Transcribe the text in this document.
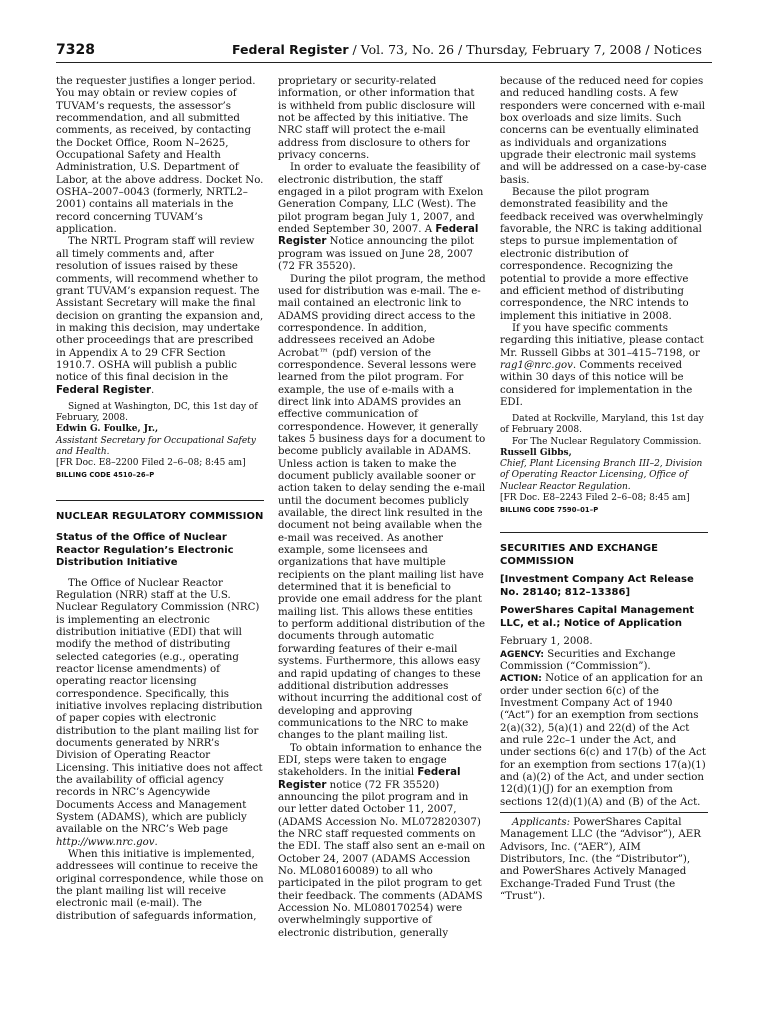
7328	Federal Register / Vol. 73, No. 26 / Thursday, February 7, 2008 / Notices

the requester justifies a longer period. You may obtain or review copies of TUVAM’s requests, the assessor’s recommendation, and all submitted comments, as received, by contacting the Docket Office, Room N–2625, Occupational Safety and Health Administration, U.S. Department of Labor, at the above address. Docket No. OSHA–2007–0043 (formerly, NRTL2–2001) contains all materials in the record concerning TUVAM’s application.

The NRTL Program staff will review all timely comments and, after resolution of issues raised by these comments, will recommend whether to grant TUVAM’s expansion request. The Assistant Secretary will make the final decision on granting the expansion and, in making this decision, may undertake other proceedings that are prescribed in Appendix A to 29 CFR Section 1910.7. OSHA will publish a public notice of this final decision in the Federal Register.

Signed at Washington, DC, this 1st day of February, 2008.

Edwin G. Foulke, Jr.,

Assistant Secretary for Occupational Safety and Health.

[FR Doc. E8–2200 Filed 2–6–08; 8:45 am]

BILLING CODE 4510–26–P

NUCLEAR REGULATORY COMMISSION

Status of the Office of Nuclear Reactor Regulation’s Electronic Distribution Initiative

The Office of Nuclear Reactor Regulation (NRR) staff at the U.S. Nuclear Regulatory Commission (NRC) is implementing an electronic distribution initiative (EDI) that will modify the method of distributing selected categories (e.g., operating reactor license amendments) of operating reactor licensing correspondence. Specifically, this initiative involves replacing distribution of paper copies with electronic distribution to the plant mailing list for documents generated by NRR’s Division of Operating Reactor Licensing. This initiative does not affect the availability of official agency records in NRC’s Agencywide Documents Access and Management System (ADAMS), which are publicly available on the NRC’s Web page http://www.nrc.gov.

When this initiative is implemented, addressees will continue to receive the original correspondence, while those on the plant mailing list will receive electronic mail (e-mail). The distribution of safeguards information,

proprietary or security-related information, or other information that is withheld from public disclosure will not be affected by this initiative. The NRC staff will protect the e-mail address from disclosure to others for privacy concerns.

In order to evaluate the feasibility of electronic distribution, the staff engaged in a pilot program with Exelon Generation Company, LLC (West). The pilot program began July 1, 2007, and ended September 30, 2007. A Federal Register Notice announcing the pilot program was issued on June 28, 2007 (72 FR 35520).

During the pilot program, the method used for distribution was e-mail. The e-mail contained an electronic link to ADAMS providing direct access to the correspondence. In addition, addressees received an Adobe Acrobat™ (pdf) version of the correspondence. Several lessons were learned from the pilot program. For example, the use of e-mails with a direct link into ADAMS provides an effective communication of correspondence. However, it generally takes 5 business days for a document to become publicly available in ADAMS. Unless action is taken to make the document publicly available sooner or action taken to delay sending the e-mail until the document becomes publicly available, the direct link resulted in the document not being available when the e-mail was received. As another example, some licensees and organizations that have multiple recipients on the plant mailing list have determined that it is beneficial to provide one email address for the plant mailing list. This allows these entities to perform additional distribution of the documents through automatic forwarding features of their e-mail systems. Furthermore, this allows easy and rapid updating of changes to these additional distribution addresses without incurring the additional cost of developing and approving communications to the NRC to make changes to the plant mailing list.

To obtain information to enhance the EDI, steps were taken to engage stakeholders. In the initial Federal Register notice (72 FR 35520) announcing the pilot program and in our letter dated October 11, 2007, (ADAMS Accession No. ML072820307) the NRC staff requested comments on the EDI. The staff also sent an e-mail on October 24, 2007 (ADAMS Accession No. ML080160089) to all who participated in the pilot program to get their feedback. The comments (ADAMS Accession No. ML080170254) were overwhelmingly supportive of electronic distribution, generally

because of the reduced need for copies and reduced handling costs. A few responders were concerned with e-mail box overloads and size limits. Such concerns can be eventually eliminated as individuals and organizations upgrade their electronic mail systems and will be addressed on a case-by-case basis.

Because the pilot program demonstrated feasibility and the feedback received was overwhelmingly favorable, the NRC is taking additional steps to pursue implementation of electronic distribution of correspondence. Recognizing the potential to provide a more effective and efficient method of distributing correspondence, the NRC intends to implement this initiative in 2008.

If you have specific comments regarding this initiative, please contact Mr. Russell Gibbs at 301–415–7198, or rag1@nrc.gov. Comments received within 30 days of this notice will be considered for implementation in the EDI.

Dated at Rockville, Maryland, this 1st day of February 2008.

For The Nuclear Regulatory Commission.

Russell Gibbs,

Chief, Plant Licensing Branch III–2, Division of Operating Reactor Licensing, Office of Nuclear Reactor Regulation.

[FR Doc. E8–2243 Filed 2–6–08; 8:45 am]

BILLING CODE 7590–01–P

SECURITIES AND EXCHANGE COMMISSION

[Investment Company Act Release No. 28140; 812–13386]

PowerShares Capital Management LLC, et al.; Notice of Application

February 1, 2008.

AGENCY: Securities and Exchange Commission (“Commission”).

ACTION: Notice of an application for an order under section 6(c) of the Investment Company Act of 1940 (“Act”) for an exemption from sections 2(a)(32), 5(a)(1) and 22(d) of the Act and rule 22c–1 under the Act, and under sections 6(c) and 17(b) of the Act for an exemption from sections 17(a)(1) and (a)(2) of the Act, and under section 12(d)(1)(J) for an exemption from sections 12(d)(1)(A) and (B) of the Act.

Applicants: PowerShares Capital Management LLC (the “Advisor”), AER Advisors, Inc. (“AER”), AIM Distributors, Inc. (the “Distributor”), and PowerShares Actively Managed Exchange-Traded Fund Trust (the “Trust”).
